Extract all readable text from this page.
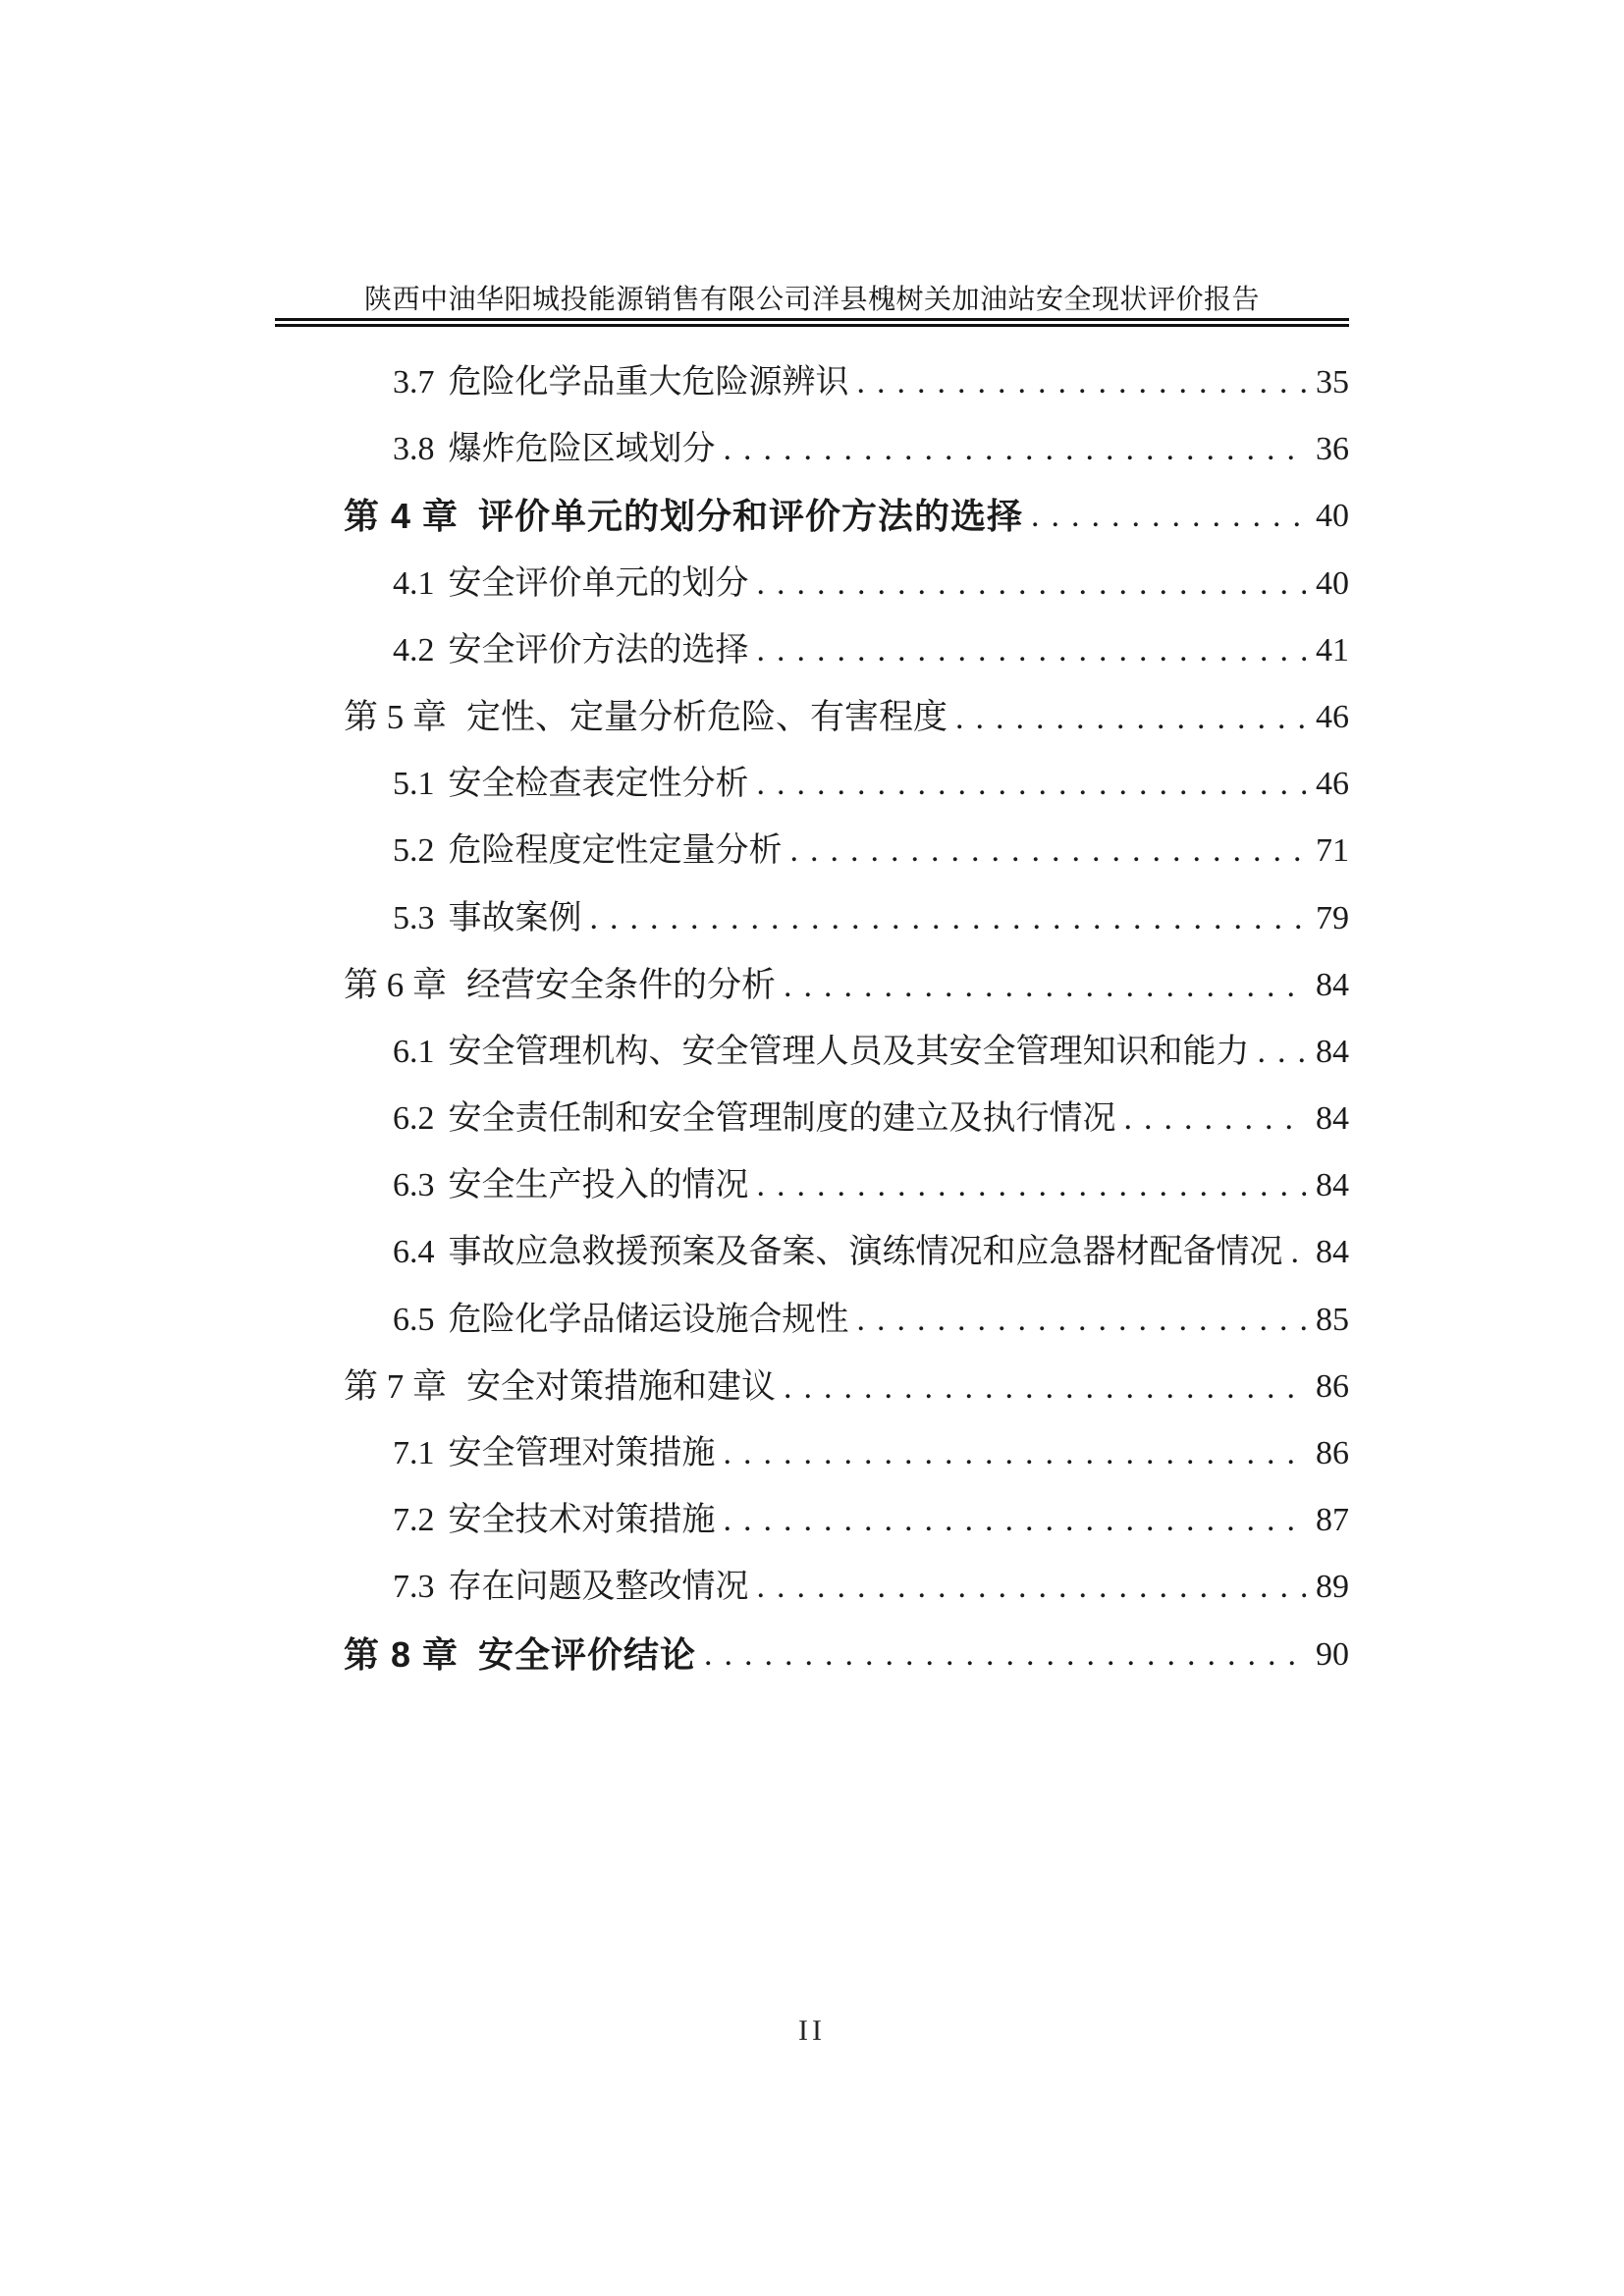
陕西中油华阳城投能源销售有限公司洋县槐树关加油站安全现状评价报告
3.7 危险化学品重大危险源辨识 .....	35
3.8 爆炸危险区域划分 .....	36
第 4 章 评价单元的划分和评价方法的选择 .....	40
4.1 安全评价单元的划分 .....	40
4.2 安全评价方法的选择 .....	41
第 5 章 定性、定量分析危险、有害程度 .....	46
5.1 安全检查表定性分析 .....	46
5.2 危险程度定性定量分析 .....	71
5.3 事故案例 .....	79
第 6 章 经营安全条件的分析 .....	84
6.1 安全管理机构、安全管理人员及其安全管理知识和能力 ..... 84
6.2 安全责任制和安全管理制度的建立及执行情况 .....	84
6.3 安全生产投入的情况 .....	84
6.4 事故应急救援预案及备案、演练情况和应急器材配备情况 ..... 84
6.5 危险化学品储运设施合规性 .....	85
第 7 章 安全对策措施和建议 .....	86
7.1 安全管理对策措施 .....	86
7.2 安全技术对策措施 .....	87
7.3 存在问题及整改情况 .....	89
第 8 章 安全评价结论 .....	90
II
